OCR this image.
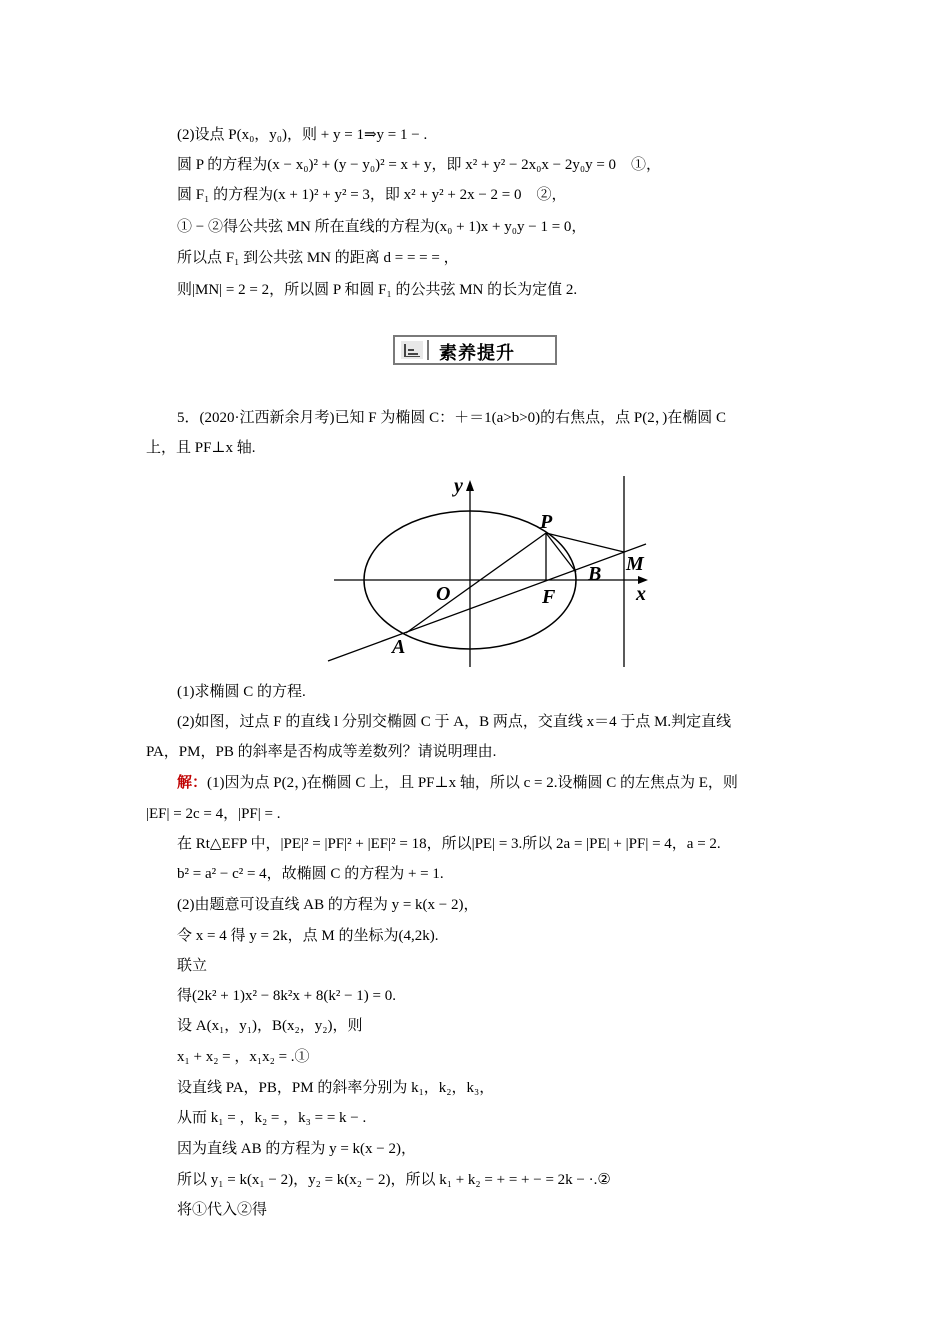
(2)设点 P(x₀，y₀)，则 + y = 1⇒y = 1 − .
圆 P 的方程为(x − x₀)² + (y − y₀)² = x + y，即 x² + y² − 2x₀x − 2y₀y = 0　①，
圆 F₁ 的方程为(x + 1)² + y² = 3，即 x² + y² + 2x − 2 = 0　②，
① − ②得公共弦 MN 所在直线的方程为(x₀ + 1)x + y₀y − 1 = 0，
所以点 F₁ 到公共弦 MN 的距离 d = = = = ，
则|MN| = 2 = 2，所以圆 P 和圆 F₁ 的公共弦 MN 的长为定值 2.
素养提升
5．(2020·江西新余月考)已知 F 为椭圆 C：＋＝1(a>b>0)的右焦点，点 P(2，)在椭圆 C
上，且 PF⊥x 轴.
y
x
P
M
B
O	F
A
(1)求椭圆 C 的方程.
(2)如图，过点 F 的直线 l 分别交椭圆 C 于 A，B 两点，交直线 x＝4 于点 M.判定直线
PA，PM，PB 的斜率是否构成等差数列？请说明理由.
解：(1)因为点 P(2，)在椭圆 C 上，且 PF⊥x 轴，所以 c = 2.设椭圆 C 的左焦点为 E，则
|EF| = 2c = 4，|PF| = .
在 Rt△EFP 中，|PE|² = |PF|² + |EF|² = 18，所以|PE| = 3.所以 2a = |PE| + |PF| = 4，a = 2.
b² = a² − c² = 4，故椭圆 C 的方程为 + = 1.
(2)由题意可设直线 AB 的方程为 y = k(x − 2)，
令 x = 4 得 y = 2k，点 M 的坐标为(4,2k).
联立
得(2k² + 1)x² − 8k²x + 8(k² − 1) = 0.
设 A(x₁，y₁)，B(x₂，y₂)，则
x₁ + x₂ = ，x₁x₂ = .①
设直线 PA，PB，PM 的斜率分别为 k₁，k₂，k₃，
从而 k₁ = ，k₂ = ，k₃ = = k − .
因为直线 AB 的方程为 y = k(x − 2)，
所以 y₁ = k(x₁ − 2)，y₂ = k(x₂ − 2)，所以 k₁ + k₂ = + = + − = 2k − ·.②
将①代入②得
